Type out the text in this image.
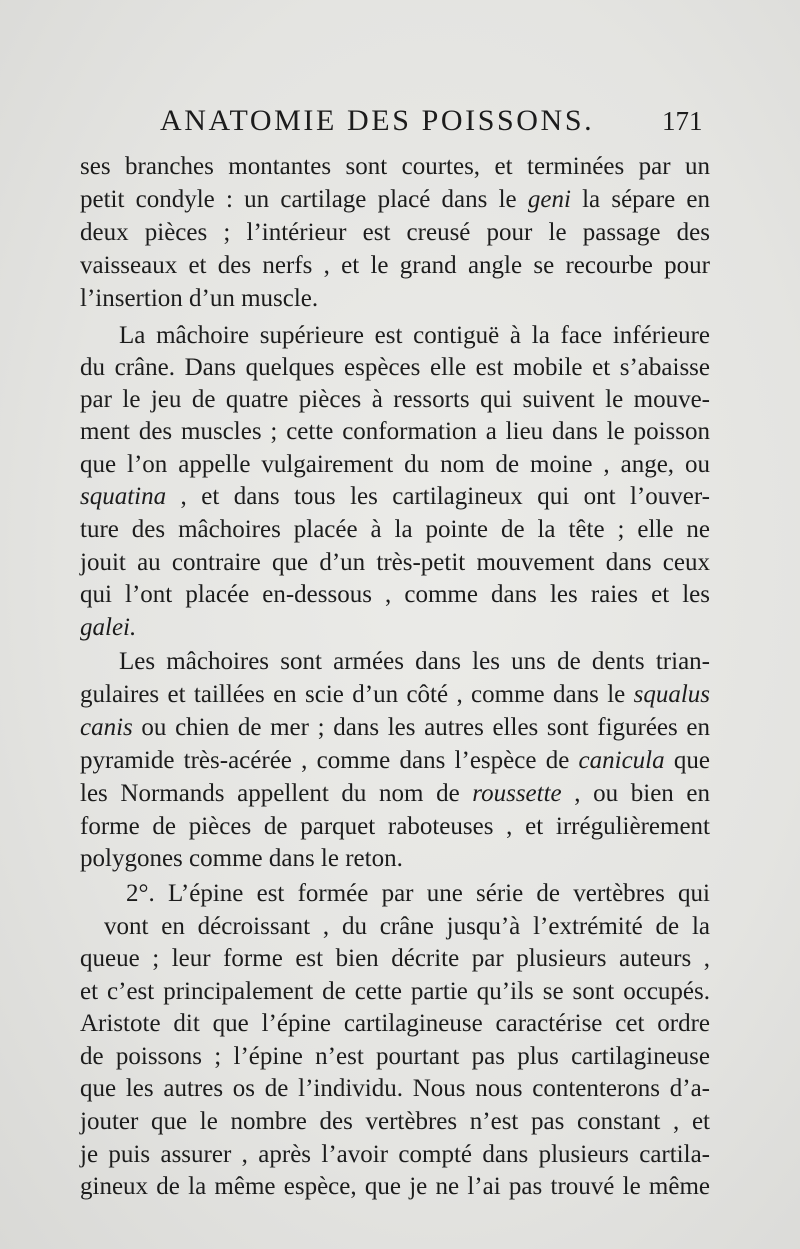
ANATOMIE DES POISSONS.	171
ses branches montantes sont courtes, et terminées par un
petit condyle : un cartilage placé dans le geni la sépare en
deux pièces ; l’intérieur est creusé pour le passage des
vaisseaux et des nerfs , et le grand angle se recourbe pour
l’insertion d’un muscle.
La mâchoire supérieure est contiguë à la face inférieure
du crâne. Dans quelques espèces elle est mobile et s’abaisse
par le jeu de quatre pièces à ressorts qui suivent le mouve-
ment des muscles ; cette conformation a lieu dans le poisson
que l’on appelle vulgairement du nom de moine , ange, ou
squatina , et dans tous les cartilagineux qui ont l’ouver-
ture des mâchoires placée à la pointe de la tête ; elle ne
jouit au contraire que d’un très-petit mouvement dans ceux
qui l’ont placée en-dessous , comme dans les raies et les
galei.
Les mâchoires sont armées dans les uns de dents trian-
gulaires et taillées en scie d’un côté , comme dans le squalus
canis ou chien de mer ; dans les autres elles sont figurées en
pyramide très-acérée , comme dans l’espèce de canicula que
les Normands appellent du nom de roussette , ou bien en
forme de pièces de parquet raboteuses , et irrégulièrement
polygones comme dans le reton.
2°. L’épine est formée par une série de vertèbres qui
vont en décroissant , du crâne jusqu’à l’extrémité de la
queue ; leur forme est bien décrite par plusieurs auteurs ,
et c’est principalement de cette partie qu’ils se sont occupés.
Aristote dit que l’épine cartilagineuse caractérise cet ordre
de poissons ; l’épine n’est pourtant pas plus cartilagineuse
que les autres os de l’individu. Nous nous contenterons d’a-
jouter que le nombre des vertèbres n’est pas constant , et
je puis assurer , après l’avoir compté dans plusieurs cartila-
gineux de la même espèce, que je ne l’ai pas trouvé le même
